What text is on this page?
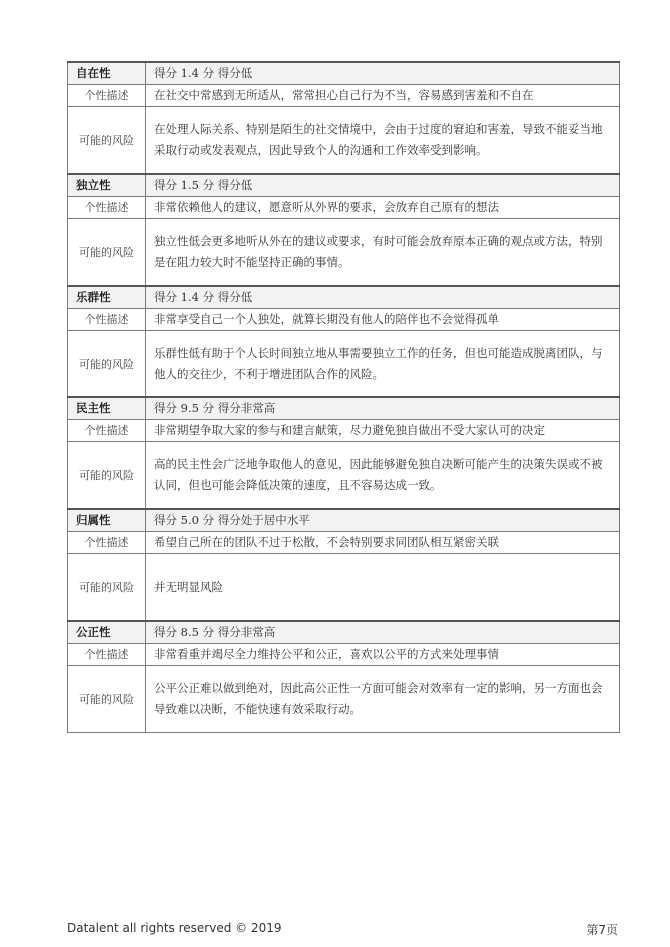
自在性	得分 1.4 分 得分低
个性描述	在社交中常感到无所适从，常常担心自己行为不当，容易感到害羞和不自在
可能的风险	在处理人际关系、特别是陌生的社交情境中，会由于过度的窘迫和害羞，导致不能妥当地采取行动或发表观点，因此导致个人的沟通和工作效率受到影响。
独立性	得分 1.5 分 得分低
个性描述	非常依赖他人的建议，愿意听从外界的要求，会放弃自己原有的想法
可能的风险	独立性低会更多地听从外在的建议或要求，有时可能会放弃原本正确的观点或方法，特别是在阻力较大时不能坚持正确的事情。
乐群性	得分 1.4 分 得分低
个性描述	非常享受自己一个人独处，就算长期没有他人的陪伴也不会觉得孤单
可能的风险	乐群性低有助于个人长时间独立地从事需要独立工作的任务，但也可能造成脱离团队，与他人的交往少，不利于增进团队合作的风险。
民主性	得分 9.5 分 得分非常高
个性描述	非常期望争取大家的参与和建言献策，尽力避免独自做出不受大家认可的决定
可能的风险	高的民主性会广泛地争取他人的意见，因此能够避免独自决断可能产生的决策失误或不被认同，但也可能会降低决策的速度，且不容易达成一致。
归属性	得分 5.0 分 得分处于居中水平
个性描述	希望自己所在的团队不过于松散，不会特别要求同团队相互紧密关联
可能的风险	并无明显风险
公正性	得分 8.5 分 得分非常高
个性描述	非常看重并竭尽全力维持公平和公正，喜欢以公平的方式来处理事情
可能的风险	公平公正难以做到绝对，因此高公正性一方面可能会对效率有一定的影响，另一方面也会导致难以决断，不能快速有效采取行动。
Datalent all rights reserved © 2019	第7页
